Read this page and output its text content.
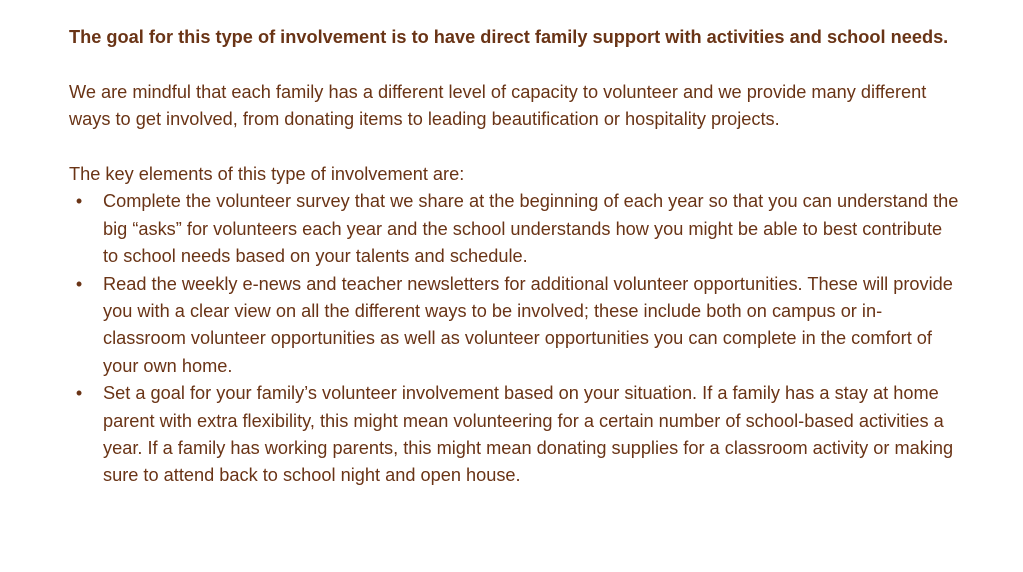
The goal for this type of involvement is to have direct family support with activities and school needs.

We are mindful that each family has a different level of capacity to volunteer and we provide many different ways to get involved, from donating items to leading beautification or hospitality projects.

The key elements of this type of involvement are:

• Complete the volunteer survey that we share at the beginning of each year so that you can understand the big “asks” for volunteers each year and the school understands how you might be able to best contribute to school needs based on your talents and schedule.
• Read the weekly e-news and teacher newsletters for additional volunteer opportunities. These will provide you with a clear view on all the different ways to be involved; these include both on campus or in-classroom volunteer opportunities as well as volunteer opportunities you can complete in the comfort of your own home.
• Set a goal for your family’s volunteer involvement based on your situation. If a family has a stay at home parent with extra flexibility, this might mean volunteering for a certain number of school-based activities a year. If a family has working parents, this might mean donating supplies for a classroom activity or making sure to attend back to school night and open house.
